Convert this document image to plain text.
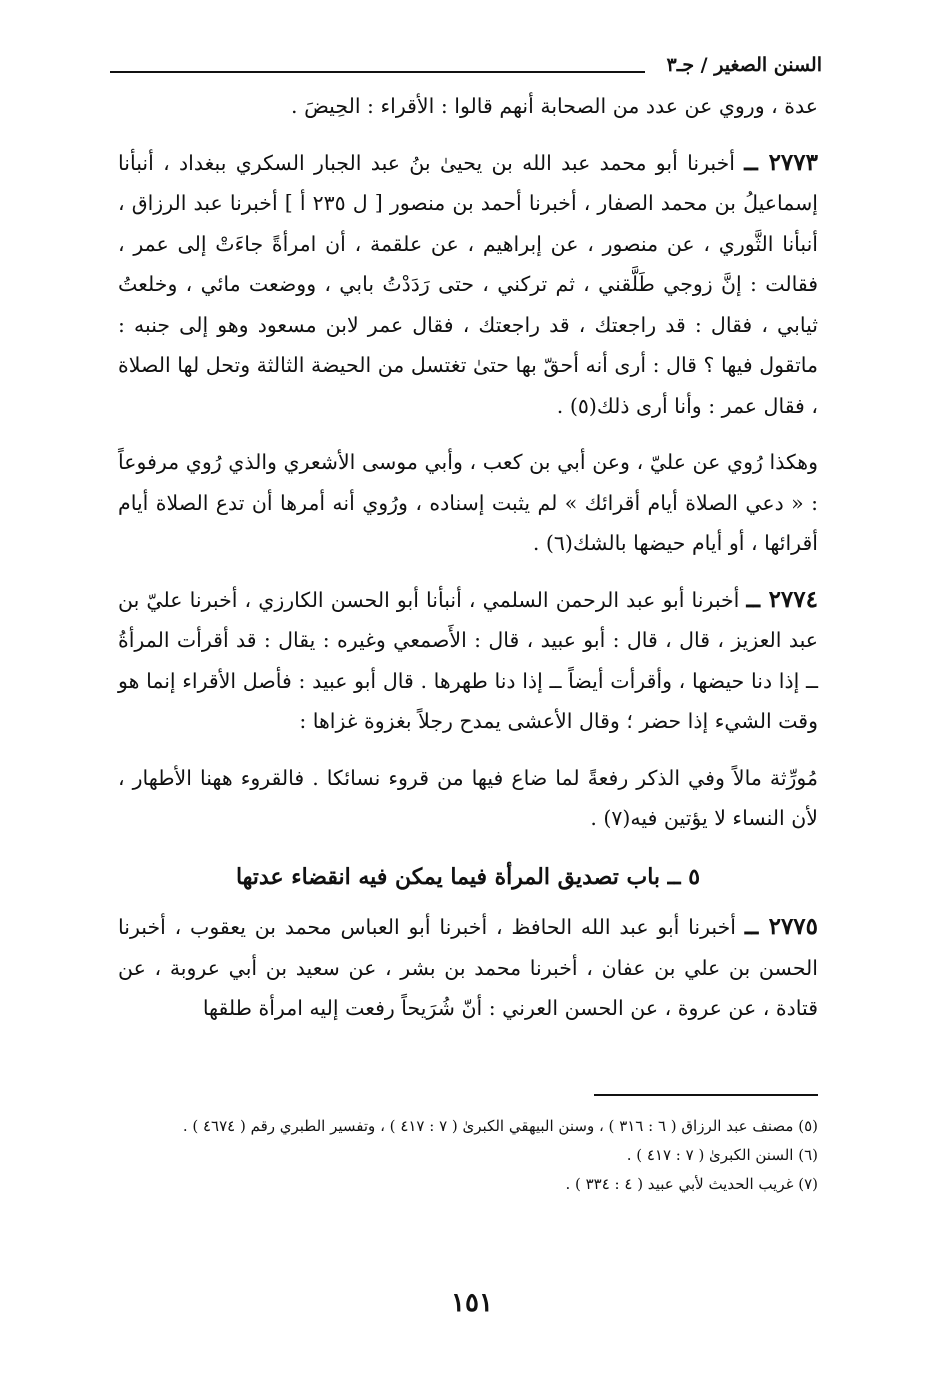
السنن الصغير / جـ٣

عدة ، وروي عن عدد من الصحابة أنهم قالوا : الأقراء : الحِيضَ .

٢٧٧٣ ــ أخبرنا أبو محمد عبد الله بن يحيىٰ بنُ عبد الجبار السكري ببغداد ، أنبأنا إسماعيلُ بن محمد الصفار ، أخبرنا أحمد بن منصور [ ل ٢٣٥ أ ] أخبرنا عبد الرزاق ، أنبأنا الثَّوري ، عن منصور ، عن إبراهيم ، عن علقمة ، أن امرأةً جاءَتْ إلى عمر ، فقالت : إنَّ زوجي طَلَّقني ، ثم تركني ، حتى رَدَدْتُ بابي ، ووضعت مائي ، وخلعتُ ثيابي ، فقال : قد راجعتك ، قد راجعتك ، فقال عمر لابن مسعود وهو إلى جنبه : ماتقول فيها ؟ قال : أرى أنه أحقّ بها حتىٰ تغتسل من الحيضة الثالثة وتحل لها الصلاة ، فقال عمر : وأنا أرى ذلك(٥) .

وهكذا رُوي عن عليّ ، وعن أبي بن كعب ، وأبي موسى الأشعري والذي رُوي مرفوعاً : « دعي الصلاة أيام أقرائك » لم يثبت إسناده ، ورُوي أنه أمرها أن تدع الصلاة أيام أقرائها ، أو أيام حيضها بالشك(٦) .

٢٧٧٤ ــ أخبرنا أبو عبد الرحمن السلمي ، أنبأنا أبو الحسن الكارزي ، أخبرنا عليّ بن عبد العزيز ، قال ، قال : أبو عبيد ، قال : الأَصمعي وغيره : يقال : قد أقرأت المرأةُ ــ إذا دنا حيضها ، وأقرأت أيضاً ــ إذا دنا طهرها . قال أبو عبيد : فأصل الأقراء إنما هو وقت الشيء إذا حضر ؛ وقال الأعشى يمدح رجلاً بغزوة غزاها :

مُورِّثة مالاً وفي الذكر رفعةً لما ضاع فيها من قروء نسائكا . فالقروء ههنا الأطهار ، لأن النساء لا يؤتين فيه(٧) .

٥ ــ باب تصديق المرأة فيما يمكن فيه انقضاء عدتها

٢٧٧٥ ــ أخبرنا أبو عبد الله الحافظ ، أخبرنا أبو العباس محمد بن يعقوب ، أخبرنا الحسن بن علي بن عفان ، أخبرنا محمد بن بشر ، عن سعيد بن أبي عروبة ، عن قتادة ، عن عروة ، عن الحسن العرني : أنّ شُرَيحاً رفعت إليه امرأة طلقها

(٥) مصنف عبد الرزاق ( ٦ : ٣١٦ ) ، وسنن البيهقي الكبرىٰ ( ٧ : ٤١٧ ) ، وتفسير الطبري رقم ( ٤٦٧٤ ) .

(٦) السنن الكبرىٰ ( ٧ : ٤١٧ ) .

(٧) غريب الحديث لأبي عبيد ( ٤ : ٣٣٤ ) .

١٥١
